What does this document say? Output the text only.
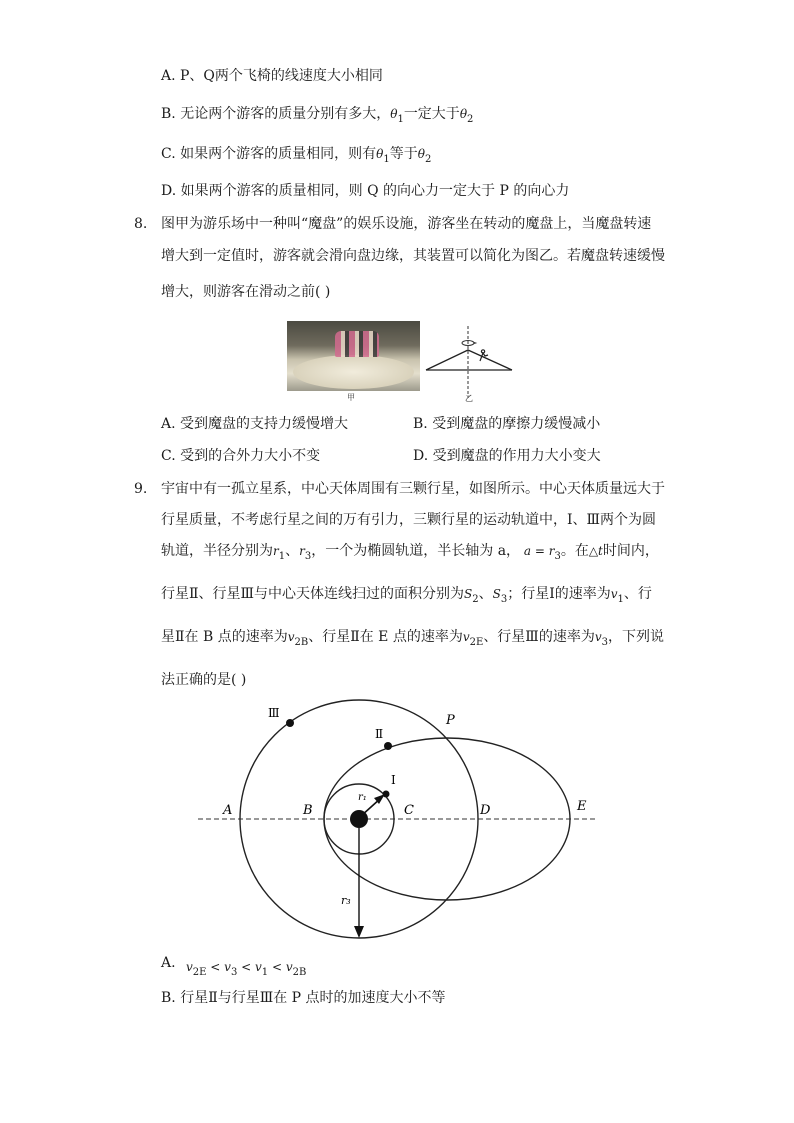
A. P、Q两个飞椅的线速度大小相同
B. 无论两个游客的质量分别有多大，$\theta_1$一定大于$\theta_2$
C. 如果两个游客的质量相同，则有$\theta_1$等于$\theta_2$
D. 如果两个游客的质量相同，则 Q 的向心力一定大于 P 的向心力
8. 图甲为游乐场中一种叫“魔盘”的娱乐设施，游客坐在转动的魔盘上，当魔盘转速
增大到一定值时，游客就会滑向盘边缘，其装置可以简化为图乙。若魔盘转速缓慢
增大，则游客在滑动之前( )
甲	乙
A. 受到魔盘的支持力缓慢增大	B. 受到魔盘的摩擦力缓慢减小
C. 受到的合外力大小不变	D. 受到魔盘的作用力大小变大
9. 宇宙中有一孤立星系，中心天体周围有三颗行星，如图所示。中心天体质量远大于
行星质量，不考虑行星之间的万有引力，三颗行星的运动轨道中，Ⅰ、Ⅲ两个为圆
轨道，半径分别为$r_1$、$r_3$，一个为椭圆轨道，半长轴为 a， $a = r_3$。在△t时间内，
行星Ⅱ、行星Ⅲ与中心天体连线扫过的面积分别为$S_2$、$S_3$；行星Ⅰ的速率为$v_1$、行
星Ⅱ在 B 点的速率为$v_{2B}$、行星Ⅱ在 E 点的速率为$v_{2E}$、行星Ⅲ的速率为$v_3$，下列说
法正确的是( )
Ⅲ
Ⅱ
Ⅰ
P
A	B	C	D	E
r₁
r₃
A. $v_{2E} < v_3 < v_1 < v_{2B}$
B. 行星Ⅱ与行星Ⅲ在 P 点时的加速度大小不等
